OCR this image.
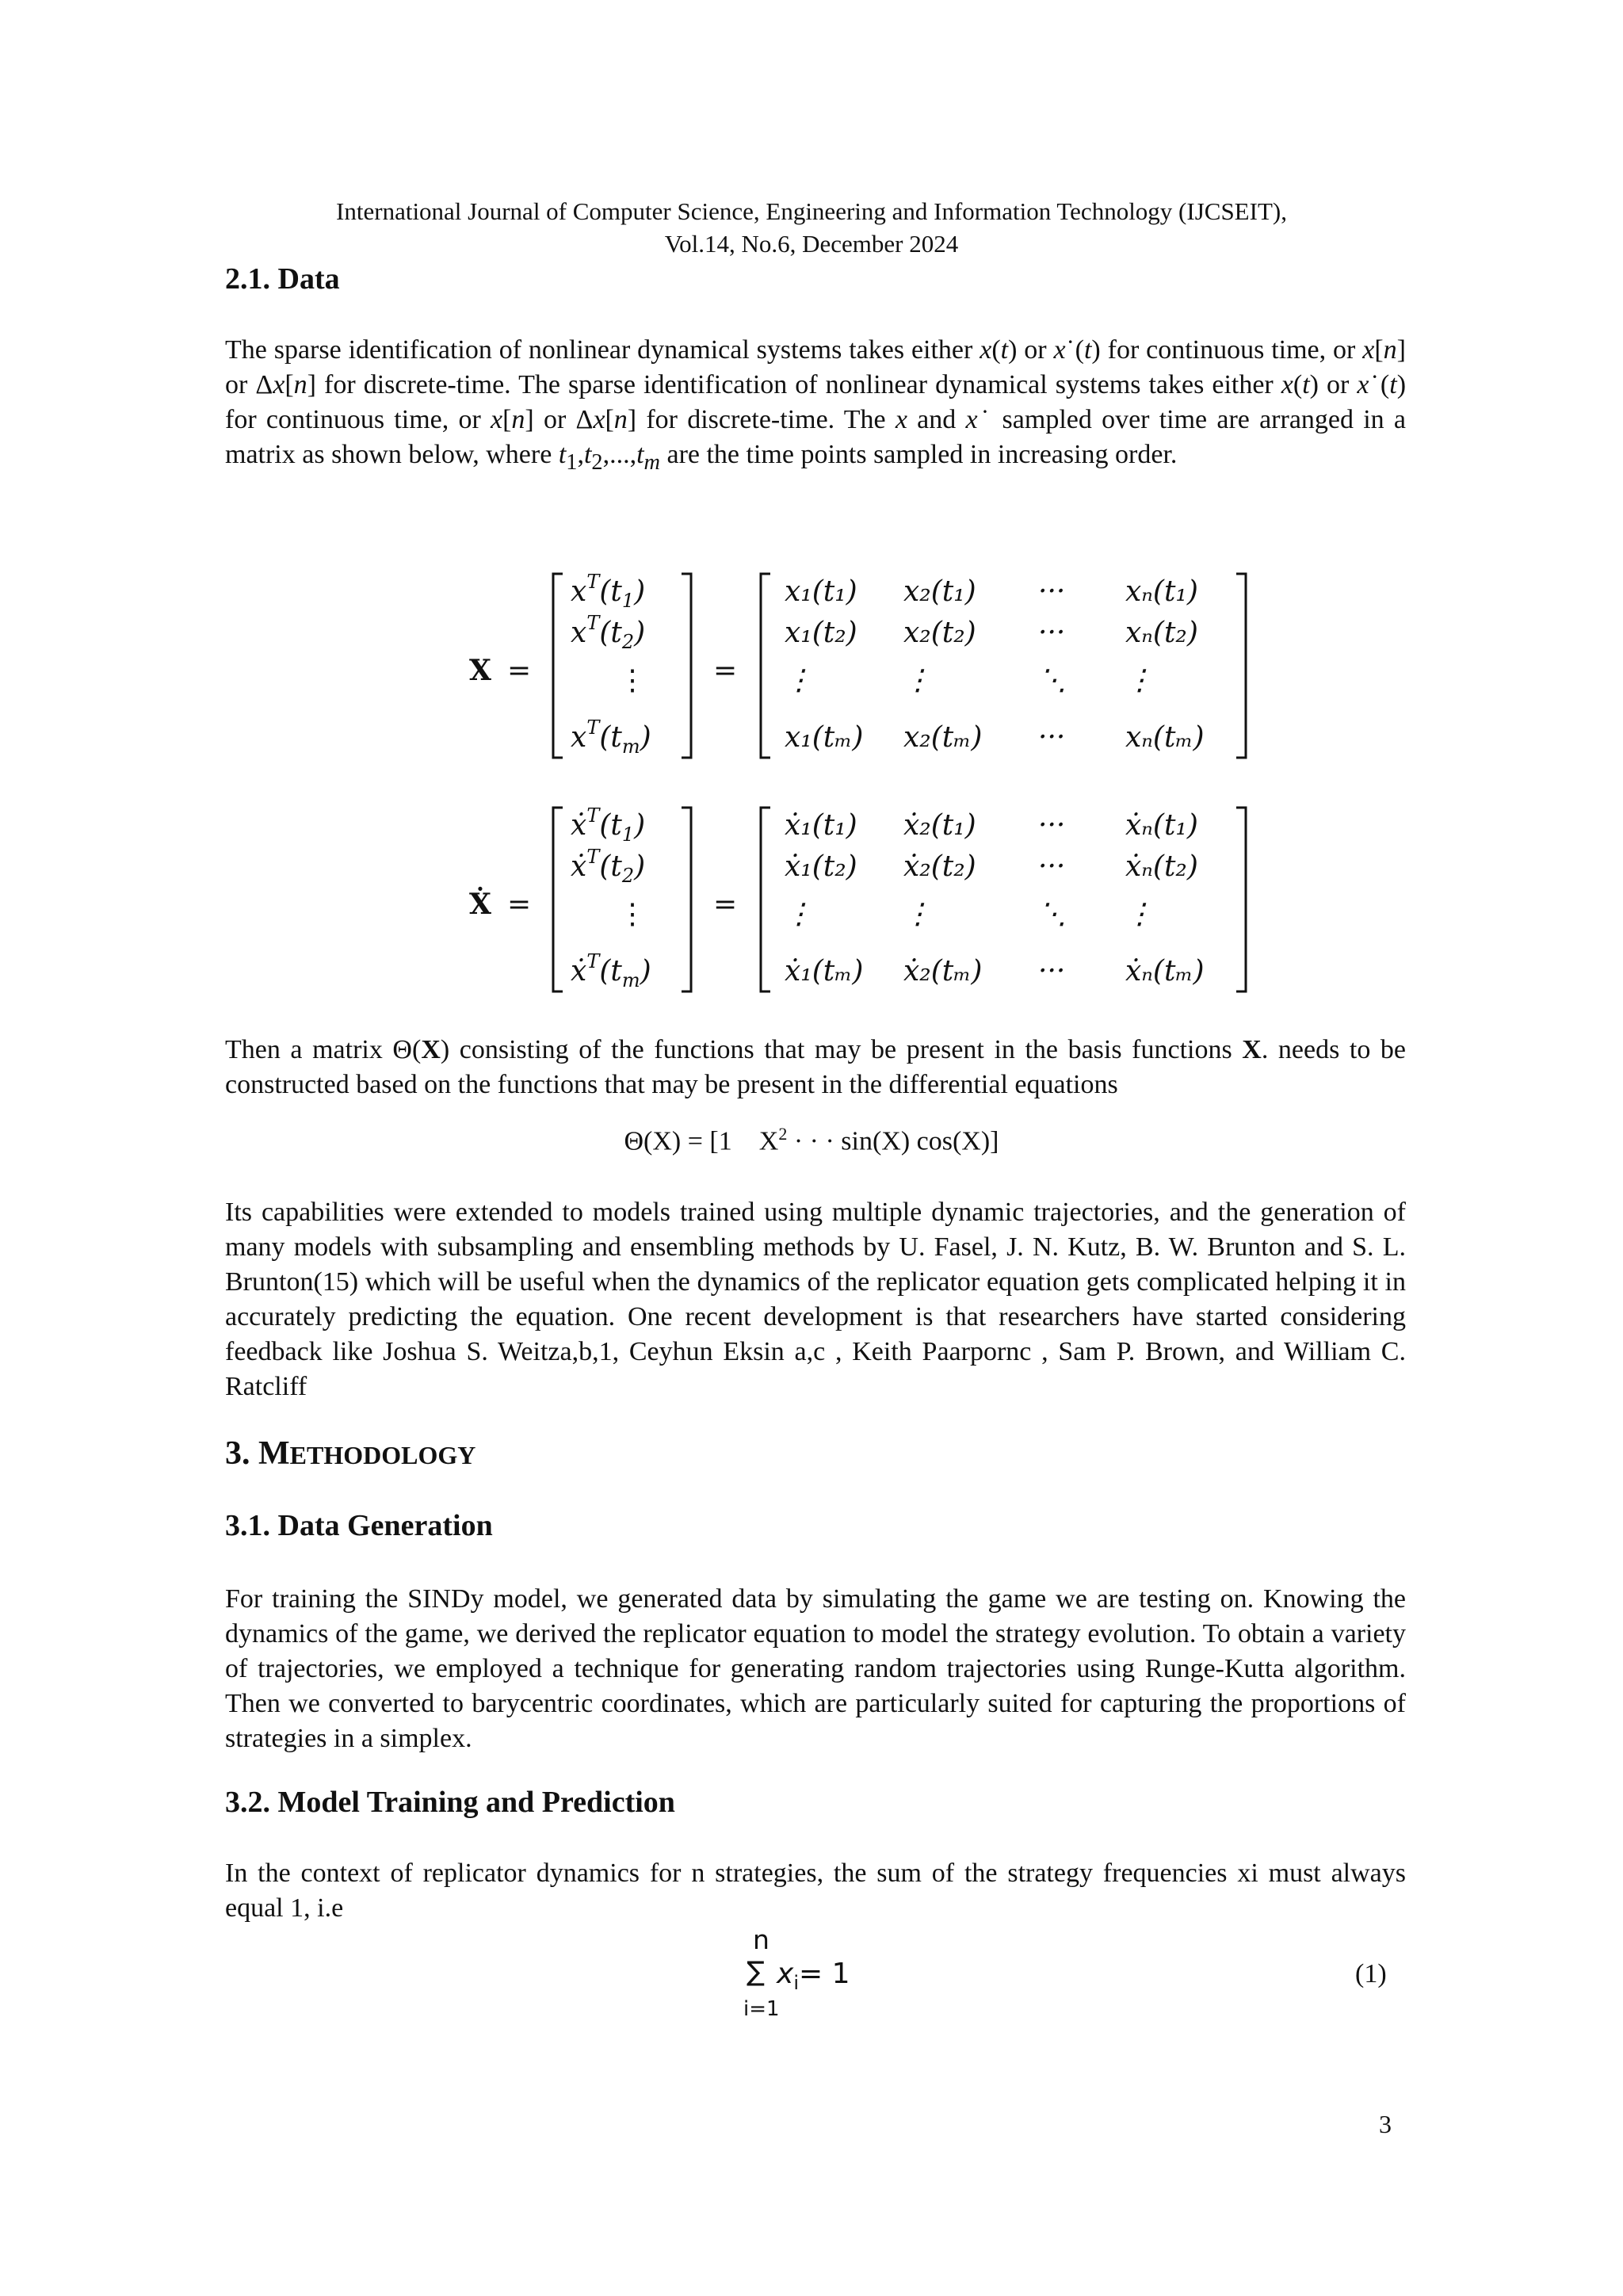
International Journal of Computer Science, Engineering and Information Technology (IJCSEIT),
Vol.14, No.6, December 2024
2.1. Data
The sparse identification of nonlinear dynamical systems takes either x(t) or x˙(t) for continuous time, or x[n] or Δx[n] for discrete-time. The sparse identification of nonlinear dynamical systems takes either x(t) or x˙(t) for continuous time, or x[n] or Δx[n] for discrete-time. The x and x˙ sampled over time are arranged in a matrix as shown below, where $t_1,t_2,...,t_m$ are the time points sampled in increasing order.
X =
$x^T(t_1)$
$x^T(t_2)$
⋮
$x^T(t_m)$
=
x₁(t₁) x₂(t₁) ··· xₙ(t₁)
x₁(t₂) x₂(t₂) ··· xₙ(t₂)
⋮	⋮	⋱ ⋮
x₁(tₘ) x₂(tₘ) ··· xₙ(tₘ)
Ẋ =
$ẋ^T(t_1)$
$ẋ^T(t_2)$
⋮
$ẋ^T(t_m)$
=
ẋ₁(t₁) ẋ₂(t₁) ··· ẋₙ(t₁)
ẋ₁(t₂) ẋ₂(t₂) ··· ẋₙ(t₂)
⋮	⋮	⋱ ⋮
ẋ₁(tₘ) ẋ₂(tₘ) ··· ẋₙ(tₘ)
Then a matrix Θ(X) consisting of the functions that may be present in the basis functions X. needs to be constructed based on the functions that may be present in the differential equations
Θ(X) = [1 $X^2$ · · · sin(X) cos(X)]
Its capabilities were extended to models trained using multiple dynamic trajectories, and the generation of many models with subsampling and ensembling methods by U. Fasel, J. N. Kutz, B. W. Brunton and S. L. Brunton(15) which will be useful when the dynamics of the replicator equation gets complicated helping it in accurately predicting the equation. One recent development is that researchers have started considering feedback like Joshua S. Weitza,b,1, Ceyhun Eksin a,c , Keith Paarpornc , Sam P. Brown, and William C. Ratcliff
3. METHODOLOGY
3.1. Data Generation
For training the SINDy model, we generated data by simulating the game we are testing on. Knowing the dynamics of the game, we derived the replicator equation to model the strategy evolution. To obtain a variety of trajectories, we employed a technique for generating random trajectories using Runge-Kutta algorithm. Then we converted to barycentric coordinates, which are particularly suited for capturing the proportions of strategies in a simplex.
3.2. Model Training and Prediction
In the context of replicator dynamics for n strategies, the sum of the strategy frequencies xi must always equal 1, i.e
n
∑ $x_i= 1$
i=1
(1)
3
